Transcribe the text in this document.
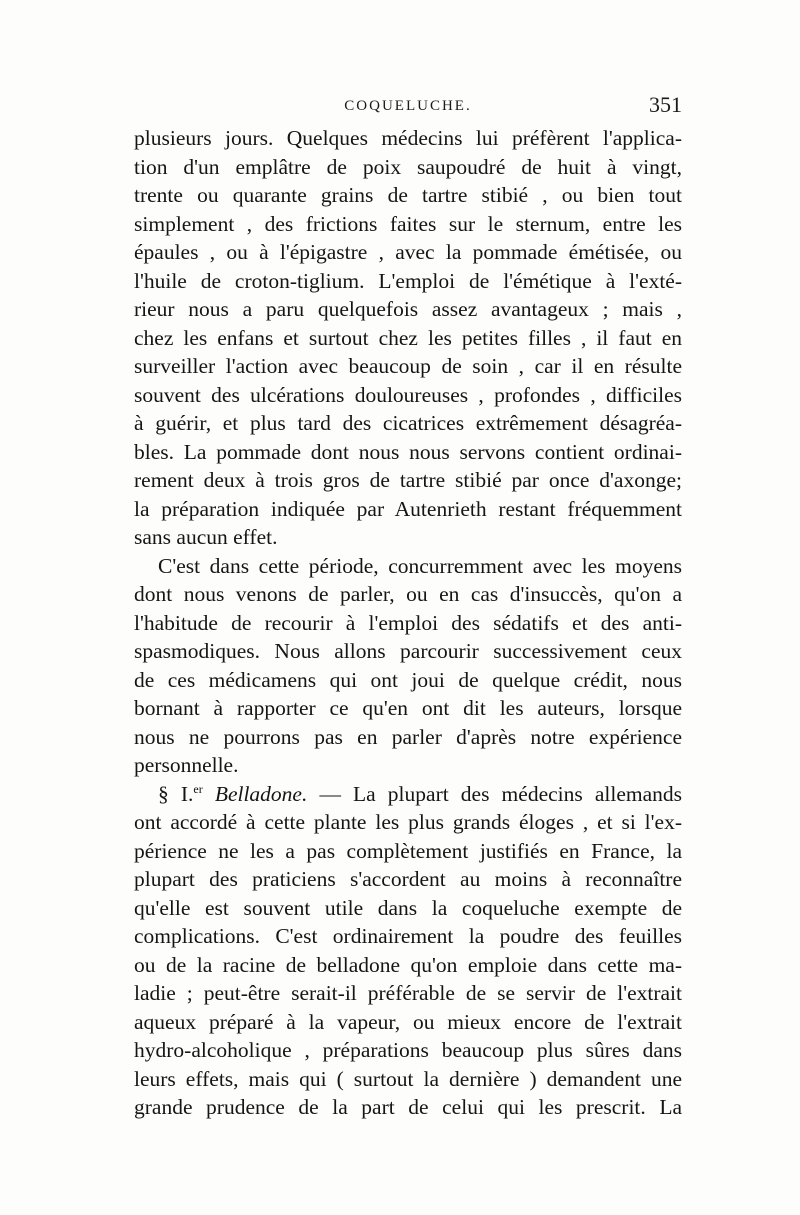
COQUELUCHE.	351
plusieurs jours. Quelques médecins lui préfèrent l'applica-
tion d'un emplâtre de poix saupoudré de huit à vingt,
trente ou quarante grains de tartre stibié , ou bien tout
simplement , des frictions faites sur le sternum, entre les
épaules , ou à l'épigastre , avec la pommade émétisée, ou
l'huile de croton-tiglium. L'emploi de l'émétique à l'exté-
rieur nous a paru quelquefois assez avantageux ; mais ,
chez les enfans et surtout chez les petites filles , il faut en
surveiller l'action avec beaucoup de soin , car il en résulte
souvent des ulcérations douloureuses , profondes , difficiles
à guérir, et plus tard des cicatrices extrêmement désagréa-
bles. La pommade dont nous nous servons contient ordinai-
rement deux à trois gros de tartre stibié par once d'axonge;
la préparation indiquée par Autenrieth restant fréquemment
sans aucun effet.
C'est dans cette période, concurremment avec les moyens
dont nous venons de parler, ou en cas d'insuccès, qu'on a
l'habitude de recourir à l'emploi des sédatifs et des anti-
spasmodiques. Nous allons parcourir successivement ceux
de ces médicamens qui ont joui de quelque crédit, nous
bornant à rapporter ce qu'en ont dit les auteurs, lorsque
nous ne pourrons pas en parler d'après notre expérience
personnelle.
§ I.$^{er}$ Belladone. — La plupart des médecins allemands
ont accordé à cette plante les plus grands éloges , et si l'ex-
périence ne les a pas complètement justifiés en France, la
plupart des praticiens s'accordent au moins à reconnaître
qu'elle est souvent utile dans la coqueluche exempte de
complications. C'est ordinairement la poudre des feuilles
ou de la racine de belladone qu'on emploie dans cette ma-
ladie ; peut-être serait-il préférable de se servir de l'extrait
aqueux préparé à la vapeur, ou mieux encore de l'extrait
hydro-alcoholique , préparations beaucoup plus sûres dans
leurs effets, mais qui ( surtout la dernière ) demandent une
grande prudence de la part de celui qui les prescrit. La
